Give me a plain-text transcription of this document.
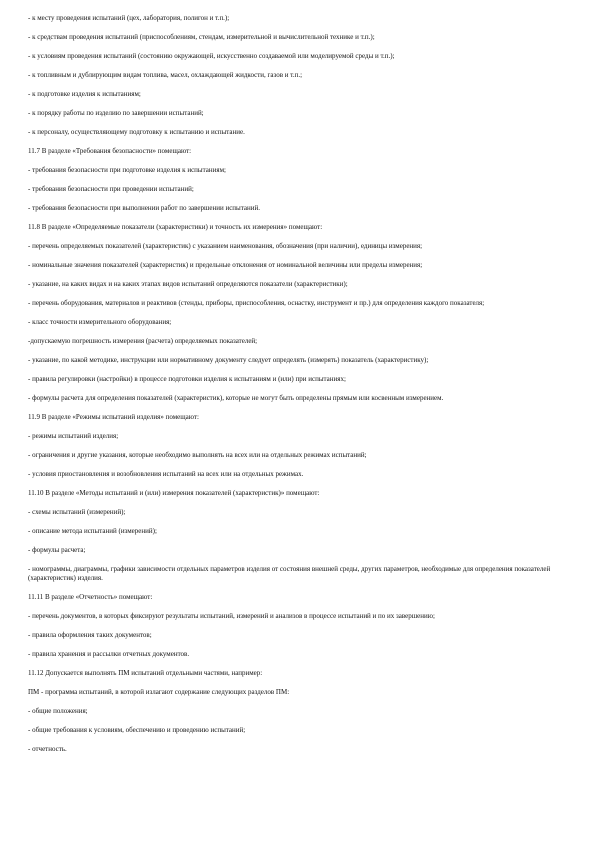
- к месту проведения испытаний (цех, лаборатория, полигон и т.п.);

- к средствам проведения испытаний (приспособлениям, стендам, измерительной и вычислительной технике и т.п.);

- к условиям проведения испытаний (состоянию окружающей, искусственно создаваемой или моделируемой среды и т.п.);

- к топливным и дублирующим видам топлива, масел, охлаждающей жидкости, газов и т.п.;

- к подготовке изделия к испытаниям;

- к порядку работы по изделию по завершении испытаний;

- к персоналу, осуществляющему подготовку к испытанию и испытание.

11.7 В разделе «Требования безопасности» помещают:

- требования безопасности при подготовке изделия к испытаниям;

- требования безопасности при проведении испытаний;

- требования безопасности при выполнении работ по завершении испытаний.

11.8 В разделе «Определяемые показатели (характеристики) и точность их измерения» помещают:

- перечень определяемых показателей (характеристик) с указанием наименования, обозначения (при наличии), единицы измерения;

- номинальные значения показателей (характеристик) и предельные отклонения от номинальной величины или пределы измерения;

- указание, на каких видах и на каких этапах видов испытаний определяются показатели (характеристики);

- перечень оборудования, материалов и реактивов (стенды, приборы, приспособления, оснастку, инструмент и пр.) для определения каждого показателя;

- класс точности измерительного оборудования;

-допускаемую погрешность измерения (расчета) определяемых показателей;

- указание, по какой методике, инструкции или нормативному документу следует определять (измерять) показатель (характеристику);

- правила регулировки (настройки) в процессе подготовки изделия к испытаниям и (или) при испытаниях;

- формулы расчета для определения показателей (характеристик), которые не могут быть определены прямым или косвенным измерением.

11.9 В разделе «Режимы испытаний изделия» помещают:

- режимы испытаний изделия;

- ограничения и другие указания, которые необходимо выполнять на всех или на отдельных режимах испытаний;

- условия приостановления и возобновления испытаний на всех или на отдельных режимах.

11.10 В разделе «Методы испытаний и (или) измерения показателей (характеристик)» помещают:

- схемы испытаний (измерений);

- описание метода испытаний (измерений);

- формулы расчета;

- номограммы, диаграммы, графики зависимости отдельных параметров изделия от состояния внешней среды, других параметров, необходимые для определения показателей (характеристик) изделия.

11.11 В разделе «Отчетность» помещают:

- перечень документов, в которых фиксируют результаты испытаний, измерений и анализов в процессе испытаний и по их завершению;

- правила оформления таких документов;

- правила хранения и рассылки отчетных документов.

11.12 Допускается выполнять ПМ испытаний отдельными частями, например:

ПМ - программа испытаний, в которой излагают содержание следующих разделов ПМ:

- общие положения;

- общие требования к условиям, обеспечению и проведению испытаний;

- отчетность.
